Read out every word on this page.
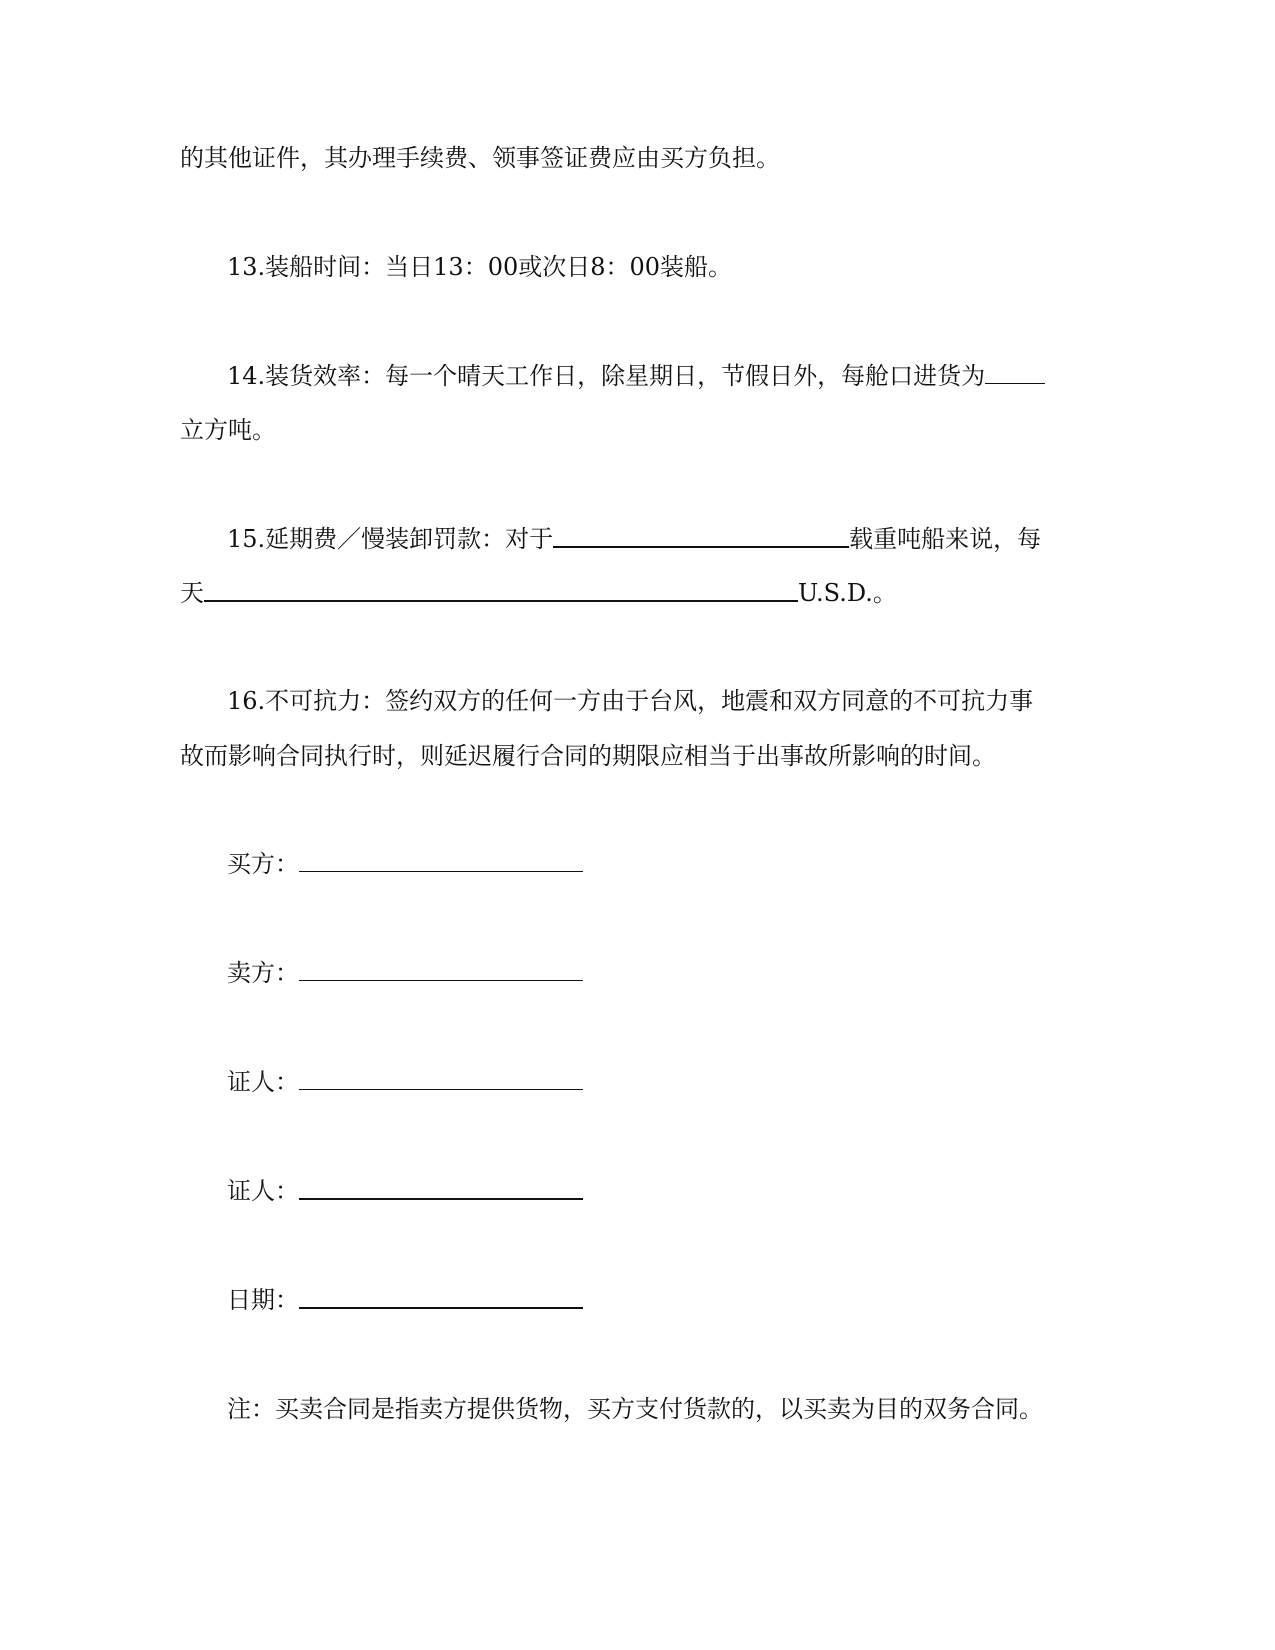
的其他证件，其办理手续费、领事签证费应由买方负担。
13.装船时间：当日13：00或次日8：00装船。
14.装货效率：每一个晴天工作日，除星期日，节假日外，每舱口进货为
立方吨。
15.延期费／慢装卸罚款：对于	载重吨船来说，每
天	U.S.D.。
16.不可抗力：签约双方的任何一方由于台风，地震和双方同意的不可抗力事
故而影响合同执行时，则延迟履行合同的期限应相当于出事故所影响的时间。
买方：
卖方：
证人：
证人：
日期：
注：买卖合同是指卖方提供货物，买方支付货款的，以买卖为目的双务合同。
